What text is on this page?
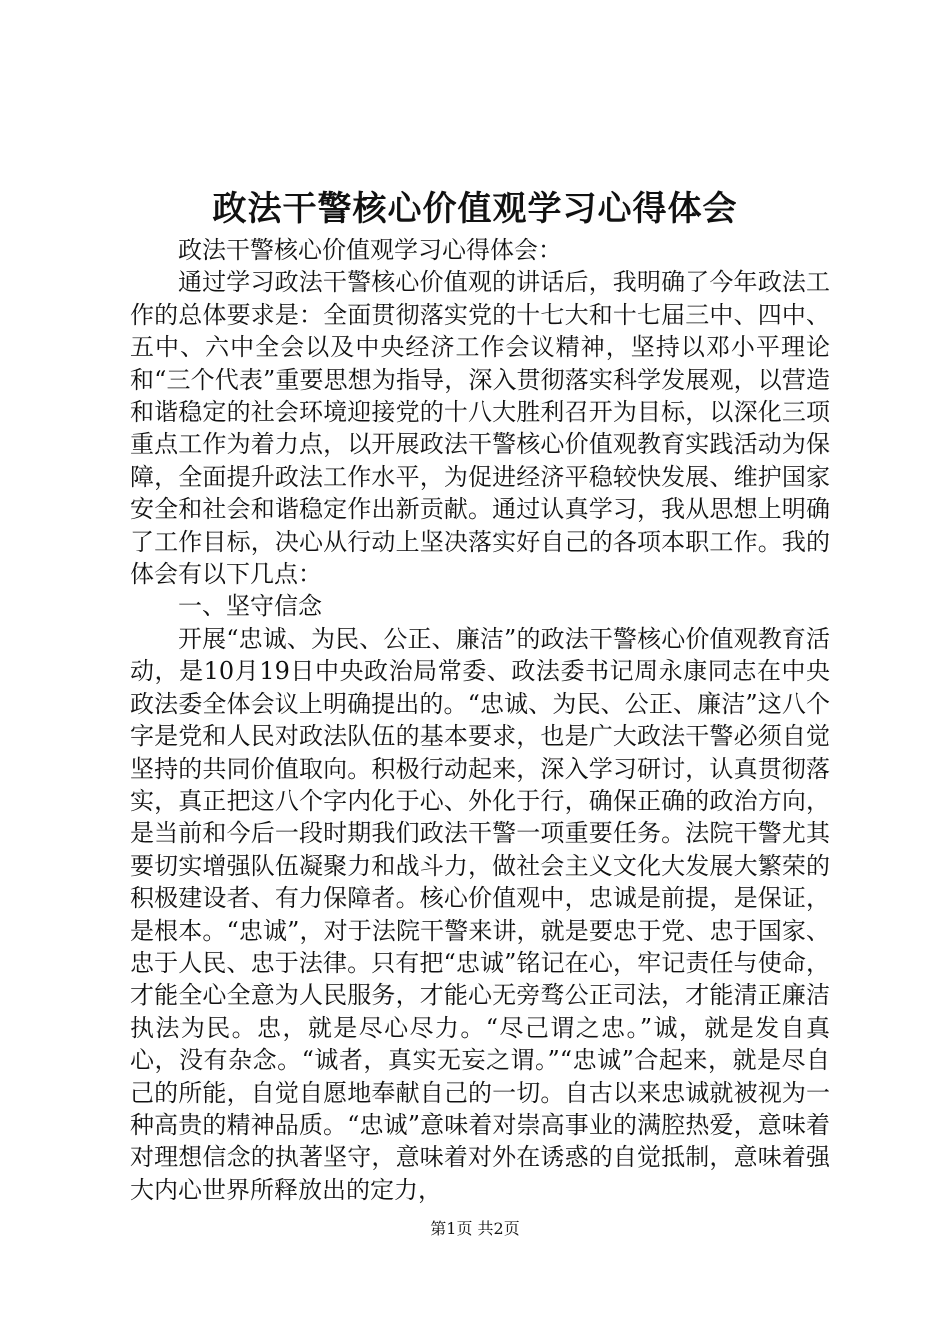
政法干警核心价值观学习心得体会

政法干警核心价值观学习心得体会：

通过学习政法干警核心价值观的讲话后，我明确了今年政法工作的总体要求是：全面贯彻落实党的十七大和十七届三中、四中、五中、六中全会以及中央经济工作会议精神，坚持以邓小平理论和“三个代表”重要思想为指导，深入贯彻落实科学发展观，以营造和谐稳定的社会环境迎接党的十八大胜利召开为目标，以深化三项重点工作为着力点，以开展政法干警核心价值观教育实践活动为保障，全面提升政法工作水平，为促进经济平稳较快发展、维护国家安全和社会和谐稳定作出新贡献。通过认真学习，我从思想上明确了工作目标，决心从行动上坚决落实好自己的各项本职工作。我的体会有以下几点：

一、坚守信念

开展“忠诚、为民、公正、廉洁”的政法干警核心价值观教育活动，是10月19日中央政治局常委、政法委书记周永康同志在中央政法委全体会议上明确提出的。“忠诚、为民、公正、廉洁”这八个字是党和人民对政法队伍的基本要求，也是广大政法干警必须自觉坚持的共同价值取向。积极行动起来，深入学习研讨，认真贯彻落实，真正把这八个字内化于心、外化于行，确保正确的政治方向，是当前和今后一段时期我们政法干警一项重要任务。法院干警尤其要切实增强队伍凝聚力和战斗力，做社会主义文化大发展大繁荣的积极建设者、有力保障者。核心价值观中，忠诚是前提，是保证，是根本。“忠诚”，对于法院干警来讲，就是要忠于党、忠于国家、忠于人民、忠于法律。只有把“忠诚”铭记在心，牢记责任与使命，才能全心全意为人民服务，才能心无旁骛公正司法，才能清正廉洁执法为民。忠，就是尽心尽力。“尽己谓之忠。”诚，就是发自真心，没有杂念。“诚者，真实无妄之谓。”“忠诚”合起来，就是尽自己的所能，自觉自愿地奉献自己的一切。自古以来忠诚就被视为一种高贵的精神品质。“忠诚”意味着对崇高事业的满腔热爱，意味着对理想信念的执著坚守，意味着对外在诱惑的自觉抵制，意味着强大内心世界所释放出的定力，

第1页 共2页
